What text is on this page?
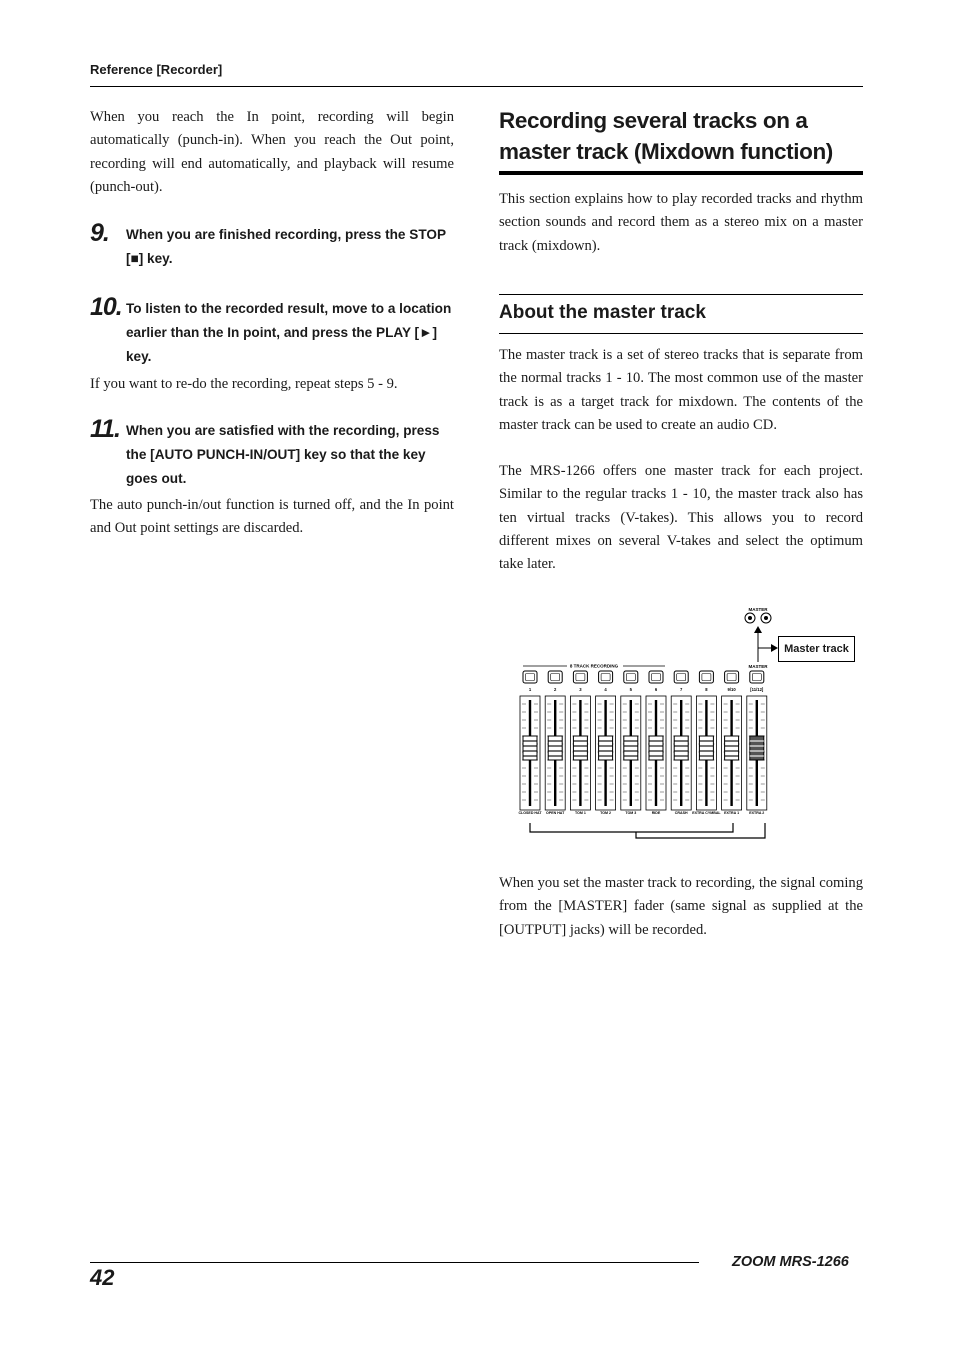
Reference [Recorder]
When you reach the In point, recording will begin automatically (punch-in). When you reach the Out point, recording will end automatically, and playback will resume (punch-out).
9. When you are finished recording, press the STOP [■] key.
10. To listen to the recorded result, move to a location earlier than the In point, and press the PLAY [►] key.
If you want to re-do the recording, repeat steps 5 - 9.
11. When you are satisfied with the recording, press the [AUTO PUNCH-IN/OUT] key so that the key goes out.
The auto punch-in/out function is turned off, and the In point and Out point settings are discarded.
Recording several tracks on a master track (Mixdown function)
This section explains how to play recorded tracks and rhythm section sounds and record them as a stereo mix on a master track (mixdown).
About the master track
The master track is a set of stereo tracks that is separate from the normal tracks 1 - 10. The most common use of the master track is as a target track for mixdown. The contents of the master track can be used to create an audio CD.
The MRS-1266 offers one master track for each project. Similar to the regular tracks 1 - 10, the master track also has ten virtual tracks (V-takes). This allows you to record different mixes on several V-takes and select the optimum take later.
MASTER
8 TRACK RECORDING	MASTER
1
CLOSED HAT
2
OPEN HAT
3
TOM 1
4
TOM 2
5
TOM 3
6
RIDE
7
CRASH
8
EXTRA CYMBAL
9/10
EXTRA 1
[11/12]
EXTRA 2
Master track
When you set the master track to recording, the signal coming from the [MASTER] fader (same signal as supplied at the [OUTPUT] jacks) will be recorded.
42
ZOOM MRS-1266
